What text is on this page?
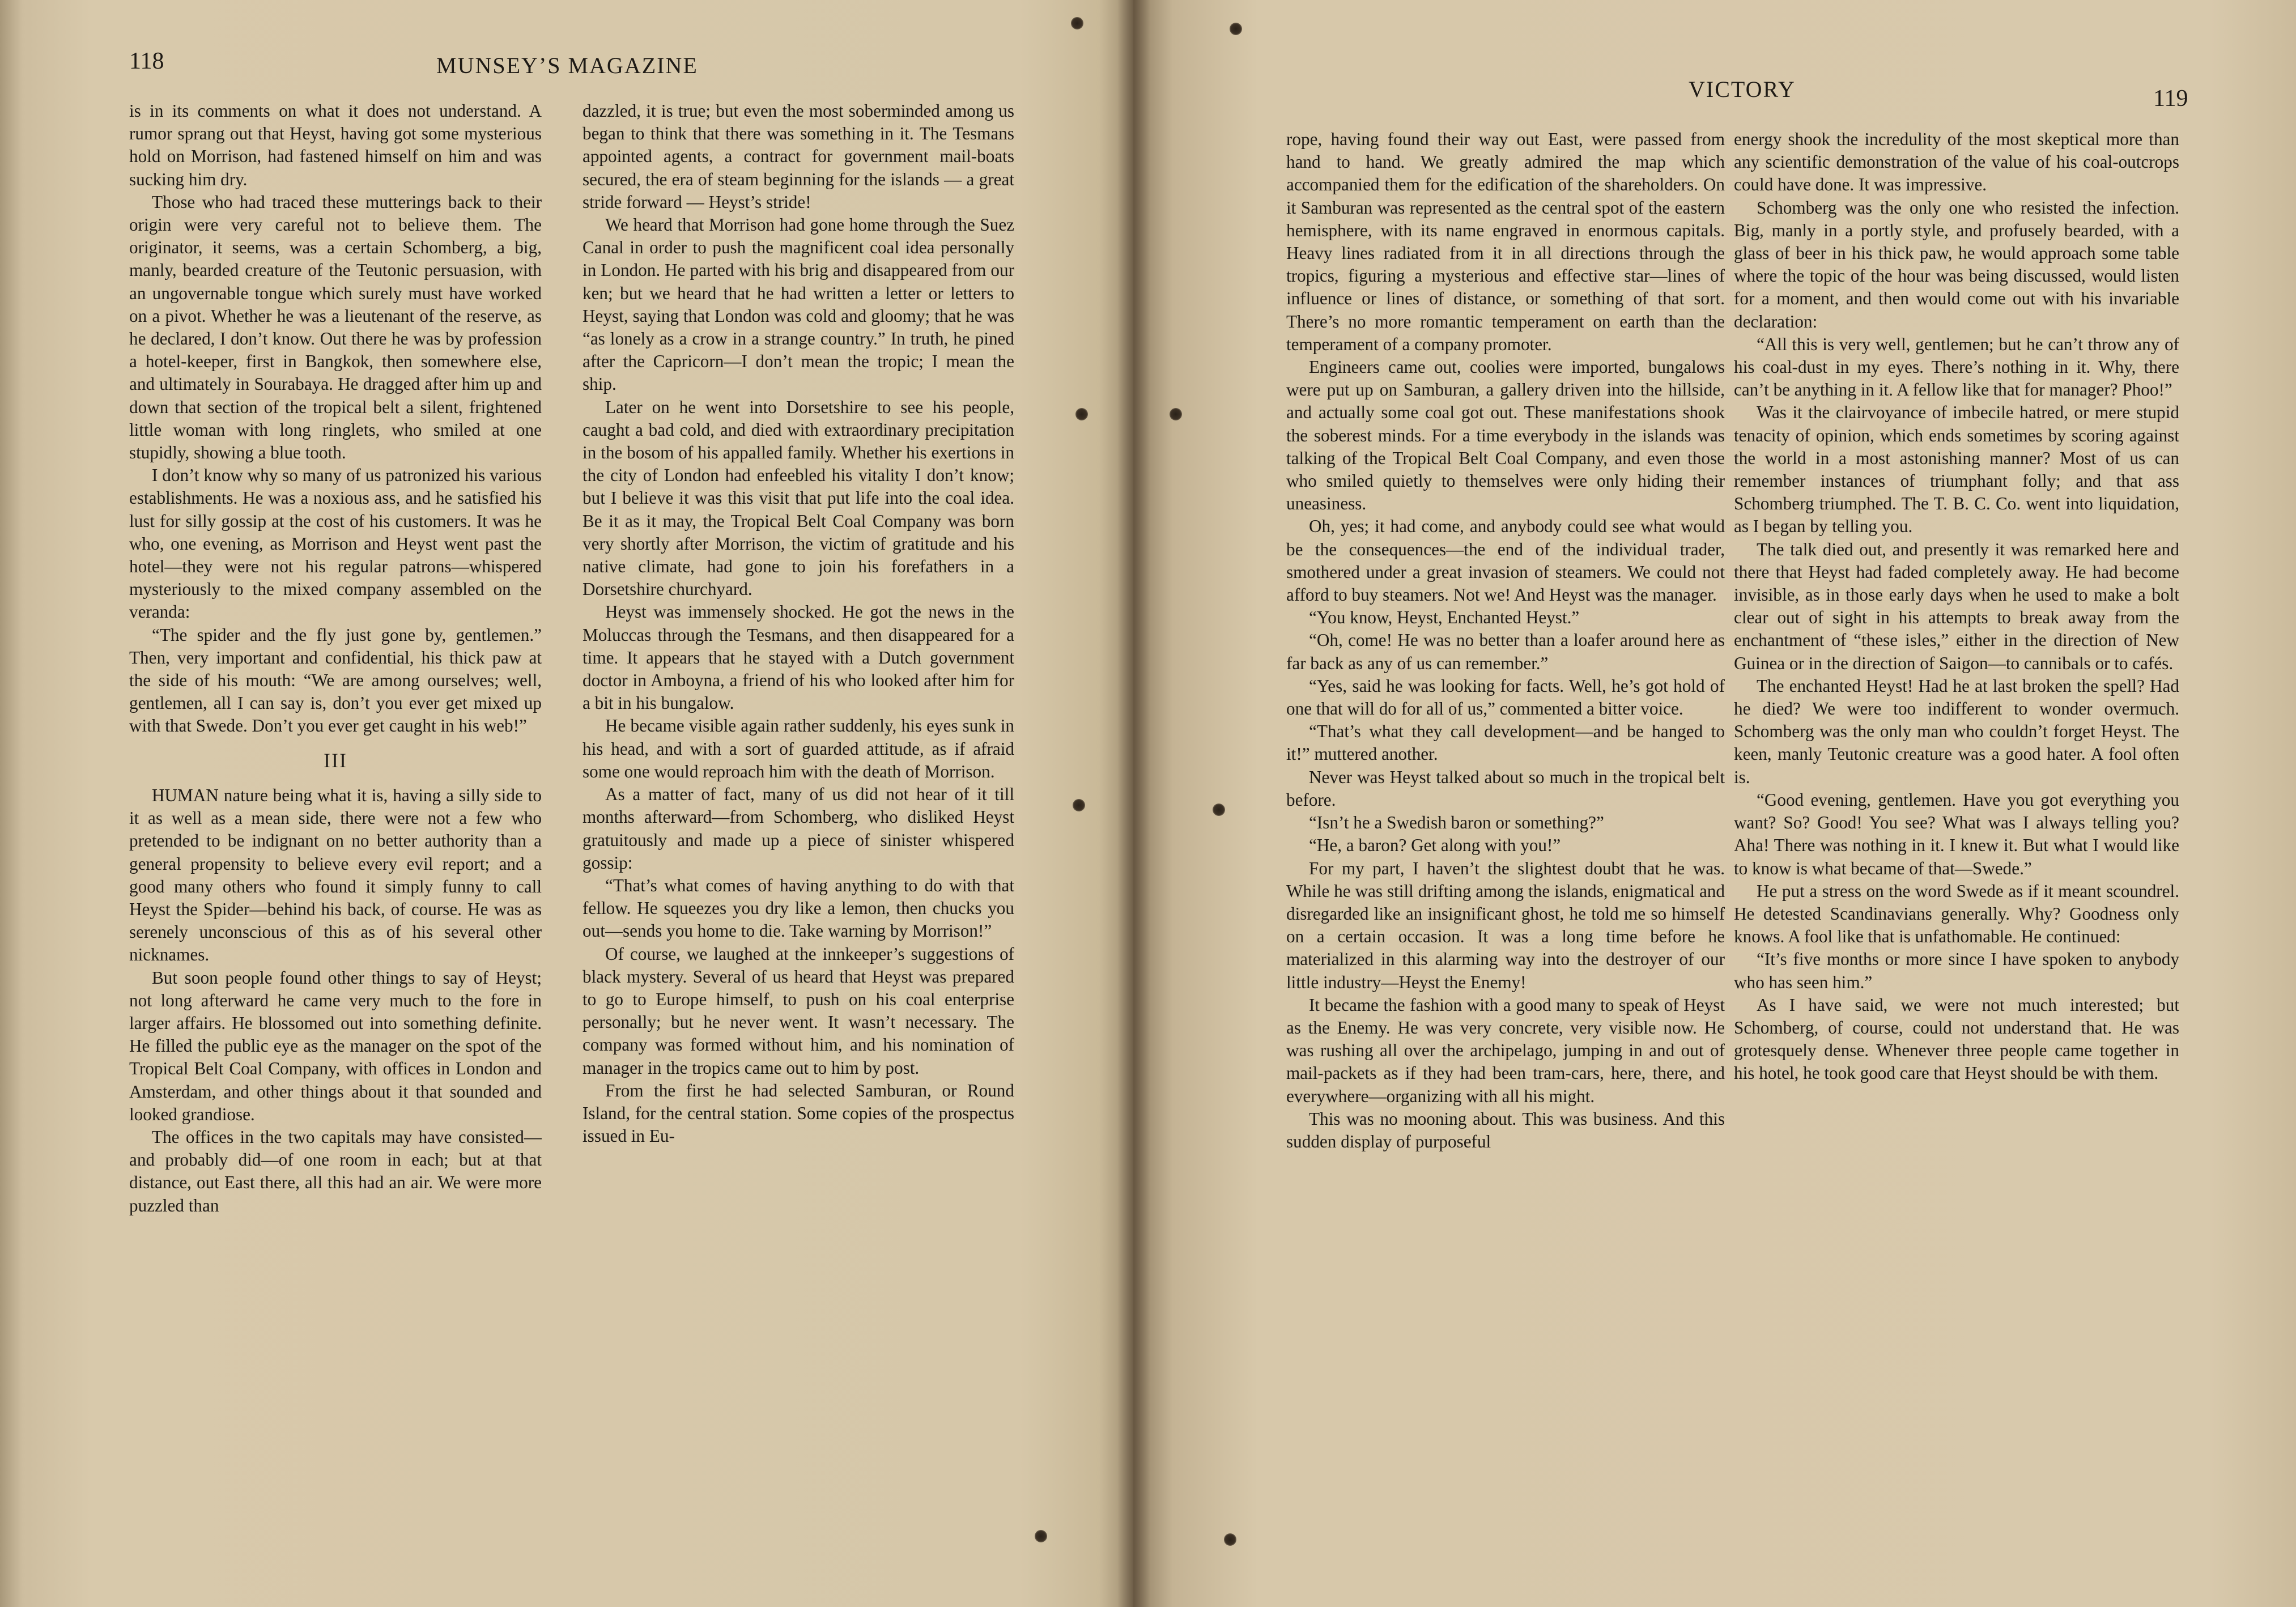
118	MUNSEY’S MAGAZINE

is in its comments on what it does not understand. A rumor sprang out that Heyst, having got some mysterious hold on Morrison, had fastened himself on him and was sucking him dry.

Those who had traced these mutterings back to their origin were very careful not to believe them. The originator, it seems, was a certain Schomberg, a big, manly, bearded creature of the Teutonic persuasion, with an ungovernable tongue which surely must have worked on a pivot. Whether he was a lieutenant of the reserve, as he declared, I don’t know. Out there he was by profession a hotel-keeper, first in Bangkok, then somewhere else, and ultimately in Sourabaya. He dragged after him up and down that section of the tropical belt a silent, frightened little woman with long ringlets, who smiled at one stupidly, showing a blue tooth.

I don’t know why so many of us patronized his various establishments. He was a noxious ass, and he satisfied his lust for silly gossip at the cost of his customers. It was he who, one evening, as Morrison and Heyst went past the hotel—they were not his regular patrons—whispered mysteriously to the mixed company assembled on the veranda:

“The spider and the fly just gone by, gentlemen.” Then, very important and confidential, his thick paw at the side of his mouth: “We are among ourselves; well, gentlemen, all I can say is, don’t you ever get mixed up with that Swede. Don’t you ever get caught in his web!”

III

HUMAN nature being what it is, having a silly side to it as well as a mean side, there were not a few who pretended to be indignant on no better authority than a general propensity to believe every evil report; and a good many others who found it simply funny to call Heyst the Spider—behind his back, of course. He was as serenely unconscious of this as of his several other nicknames.

But soon people found other things to say of Heyst; not long afterward he came very much to the fore in larger affairs. He blossomed out into something definite. He filled the public eye as the manager on the spot of the Tropical Belt Coal Company, with offices in London and Amsterdam, and other things about it that sounded and looked grandiose.

The offices in the two capitals may have consisted—and probably did—of one room in each; but at that distance, out East there, all this had an air. We were more puzzled than

dazzled, it is true; but even the most soberminded among us began to think that there was something in it. The Tesmans appointed agents, a contract for government mail-boats secured, the era of steam beginning for the islands — a great stride forward — Heyst’s stride!

We heard that Morrison had gone home through the Suez Canal in order to push the magnificent coal idea personally in London. He parted with his brig and disappeared from our ken; but we heard that he had written a letter or letters to Heyst, saying that London was cold and gloomy; that he was “as lonely as a crow in a strange country.” In truth, he pined after the Capricorn—I don’t mean the tropic; I mean the ship.

Later on he went into Dorsetshire to see his people, caught a bad cold, and died with extraordinary precipitation in the bosom of his appalled family. Whether his exertions in the city of London had enfeebled his vitality I don’t know; but I believe it was this visit that put life into the coal idea. Be it as it may, the Tropical Belt Coal Company was born very shortly after Morrison, the victim of gratitude and his native climate, had gone to join his forefathers in a Dorsetshire churchyard.

Heyst was immensely shocked. He got the news in the Moluccas through the Tesmans, and then disappeared for a time. It appears that he stayed with a Dutch government doctor in Amboyna, a friend of his who looked after him for a bit in his bungalow.

He became visible again rather suddenly, his eyes sunk in his head, and with a sort of guarded attitude, as if afraid some one would reproach him with the death of Morrison.

As a matter of fact, many of us did not hear of it till months afterward—from Schomberg, who disliked Heyst gratuitously and made up a piece of sinister whispered gossip:

“That’s what comes of having anything to do with that fellow. He squeezes you dry like a lemon, then chucks you out—sends you home to die. Take warning by Morrison!”

Of course, we laughed at the innkeeper’s suggestions of black mystery. Several of us heard that Heyst was prepared to go to Europe himself, to push on his coal enterprise personally; but he never went. It wasn’t necessary. The company was formed without him, and his nomination of manager in the tropics came out to him by post.

From the first he had selected Samburan, or Round Island, for the central station. Some copies of the prospectus issued in Eu-

VICTORY	119

rope, having found their way out East, were passed from hand to hand. We greatly admired the map which accompanied them for the edification of the shareholders. On it Samburan was represented as the central spot of the eastern hemisphere, with its name engraved in enormous capitals. Heavy lines radiated from it in all directions through the tropics, figuring a mysterious and effective star—lines of influence or lines of distance, or something of that sort. There’s no more romantic temperament on earth than the temperament of a company promoter.

Engineers came out, coolies were imported, bungalows were put up on Samburan, a gallery driven into the hillside, and actually some coal got out. These manifestations shook the soberest minds. For a time everybody in the islands was talking of the Tropical Belt Coal Company, and even those who smiled quietly to themselves were only hiding their uneasiness.

Oh, yes; it had come, and anybody could see what would be the consequences—the end of the individual trader, smothered under a great invasion of steamers. We could not afford to buy steamers. Not we! And Heyst was the manager.

“You know, Heyst, Enchanted Heyst.”

“Oh, come! He was no better than a loafer around here as far back as any of us can remember.”

“Yes, said he was looking for facts. Well, he’s got hold of one that will do for all of us,” commented a bitter voice.

“That’s what they call development—and be hanged to it!” muttered another.

Never was Heyst talked about so much in the tropical belt before.

“Isn’t he a Swedish baron or something?”

“He, a baron? Get along with you!”

For my part, I haven’t the slightest doubt that he was. While he was still drifting among the islands, enigmatical and disregarded like an insignificant ghost, he told me so himself on a certain occasion. It was a long time before he materialized in this alarming way into the destroyer of our little industry—Heyst the Enemy!

It became the fashion with a good many to speak of Heyst as the Enemy. He was very concrete, very visible now. He was rushing all over the archipelago, jumping in and out of mail-packets as if they had been tram-cars, here, there, and everywhere—organizing with all his might.

This was no mooning about. This was business. And this sudden display of purposeful

energy shook the incredulity of the most skeptical more than any scientific demonstration of the value of his coal-outcrops could have done. It was impressive.

Schomberg was the only one who resisted the infection. Big, manly in a portly style, and profusely bearded, with a glass of beer in his thick paw, he would approach some table where the topic of the hour was being discussed, would listen for a moment, and then would come out with his invariable declaration:

“All this is very well, gentlemen; but he can’t throw any of his coal-dust in my eyes. There’s nothing in it. Why, there can’t be anything in it. A fellow like that for manager? Phoo!”

Was it the clairvoyance of imbecile hatred, or mere stupid tenacity of opinion, which ends sometimes by scoring against the world in a most astonishing manner? Most of us can remember instances of triumphant folly; and that ass Schomberg triumphed. The T. B. C. Co. went into liquidation, as I began by telling you.

The talk died out, and presently it was remarked here and there that Heyst had faded completely away. He had become invisible, as in those early days when he used to make a bolt clear out of sight in his attempts to break away from the enchantment of “these isles,” either in the direction of New Guinea or in the direction of Saigon—to cannibals or to cafés.

The enchanted Heyst! Had he at last broken the spell? Had he died? We were too indifferent to wonder overmuch. Schomberg was the only man who couldn’t forget Heyst. The keen, manly Teutonic creature was a good hater. A fool often is.

“Good evening, gentlemen. Have you got everything you want? So? Good! You see? What was I always telling you? Aha! There was nothing in it. I knew it. But what I would like to know is what became of that—Swede.”

He put a stress on the word Swede as if it meant scoundrel. He detested Scandinavians generally. Why? Goodness only knows. A fool like that is unfathomable. He continued:

“It’s five months or more since I have spoken to anybody who has seen him.”

As I have said, we were not much interested; but Schomberg, of course, could not understand that. He was grotesquely dense. Whenever three people came together in his hotel, he took good care that Heyst should be with them.
